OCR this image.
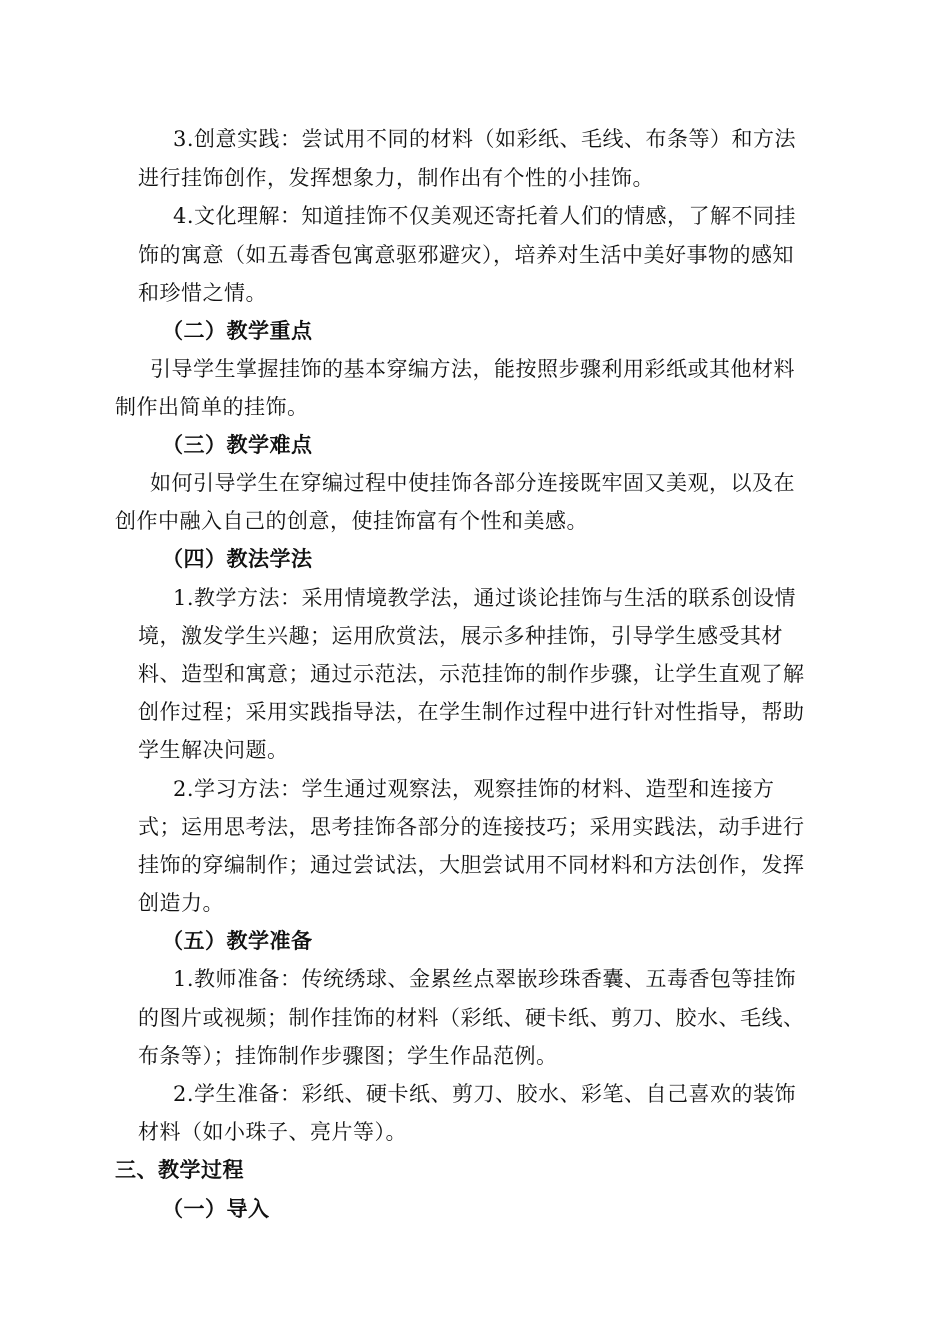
3.创意实践：尝试用不同的材料（如彩纸、毛线、布条等）和方法
进行挂饰创作，发挥想象力，制作出有个性的小挂饰。
4.文化理解：知道挂饰不仅美观还寄托着人们的情感，了解不同挂
饰的寓意（如五毒香包寓意驱邪避灾），培养对生活中美好事物的感知
和珍惜之情。
（二）教学重点
引导学生掌握挂饰的基本穿编方法，能按照步骤利用彩纸或其他材料
制作出简单的挂饰。
（三）教学难点
如何引导学生在穿编过程中使挂饰各部分连接既牢固又美观，以及在
创作中融入自己的创意，使挂饰富有个性和美感。
（四）教法学法
1.教学方法：采用情境教学法，通过谈论挂饰与生活的联系创设情
境，激发学生兴趣；运用欣赏法，展示多种挂饰，引导学生感受其材
料、造型和寓意；通过示范法，示范挂饰的制作步骤，让学生直观了解
创作过程；采用实践指导法，在学生制作过程中进行针对性指导，帮助
学生解决问题。
2.学习方法：学生通过观察法，观察挂饰的材料、造型和连接方
式；运用思考法，思考挂饰各部分的连接技巧；采用实践法，动手进行
挂饰的穿编制作；通过尝试法，大胆尝试用不同材料和方法创作，发挥
创造力。
（五）教学准备
1.教师准备：传统绣球、金累丝点翠嵌珍珠香囊、五毒香包等挂饰
的图片或视频；制作挂饰的材料（彩纸、硬卡纸、剪刀、胶水、毛线、
布条等）；挂饰制作步骤图；学生作品范例。
2.学生准备：彩纸、硬卡纸、剪刀、胶水、彩笔、自己喜欢的装饰
材料（如小珠子、亮片等）。
三、教学过程
（一）导入
